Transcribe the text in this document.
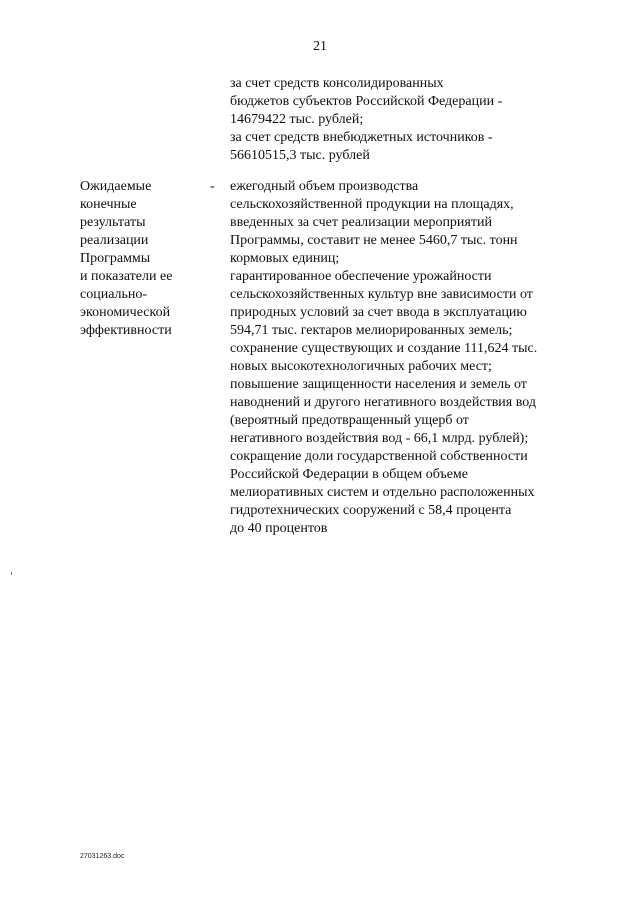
21
за счет средств консолидированных
бюджетов субъектов Российской Федерации -
14679422 тыс. рублей;
за счет средств внебюджетных источников -
56610515,3 тыс. рублей
Ожидаемые
конечные
результаты
реализации
Программы
и показатели ее
социально-
экономической
эффективности
- ежегодный объем производства
сельскохозяйственной продукции на площадях,
введенных за счет реализации мероприятий
Программы, составит не менее 5460,7 тыс. тонн
кормовых единиц;
гарантированное обеспечение урожайности
сельскохозяйственных культур вне зависимости от
природных условий за счет ввода в эксплуатацию
594,71 тыс. гектаров мелиорированных земель;
сохранение существующих и создание 111,624 тыс.
новых высокотехнологичных рабочих мест;
повышение защищенности населения и земель от
наводнений и другого негативного воздействия вод
(вероятный предотвращенный ущерб от
негативного воздействия вод - 66,1 млрд. рублей);
сокращение доли государственной собственности
Российской Федерации в общем объеме
мелиоративных систем и отдельно расположенных
гидротехнических сооружений с 58,4 процента
до 40 процентов
27031263.doc
